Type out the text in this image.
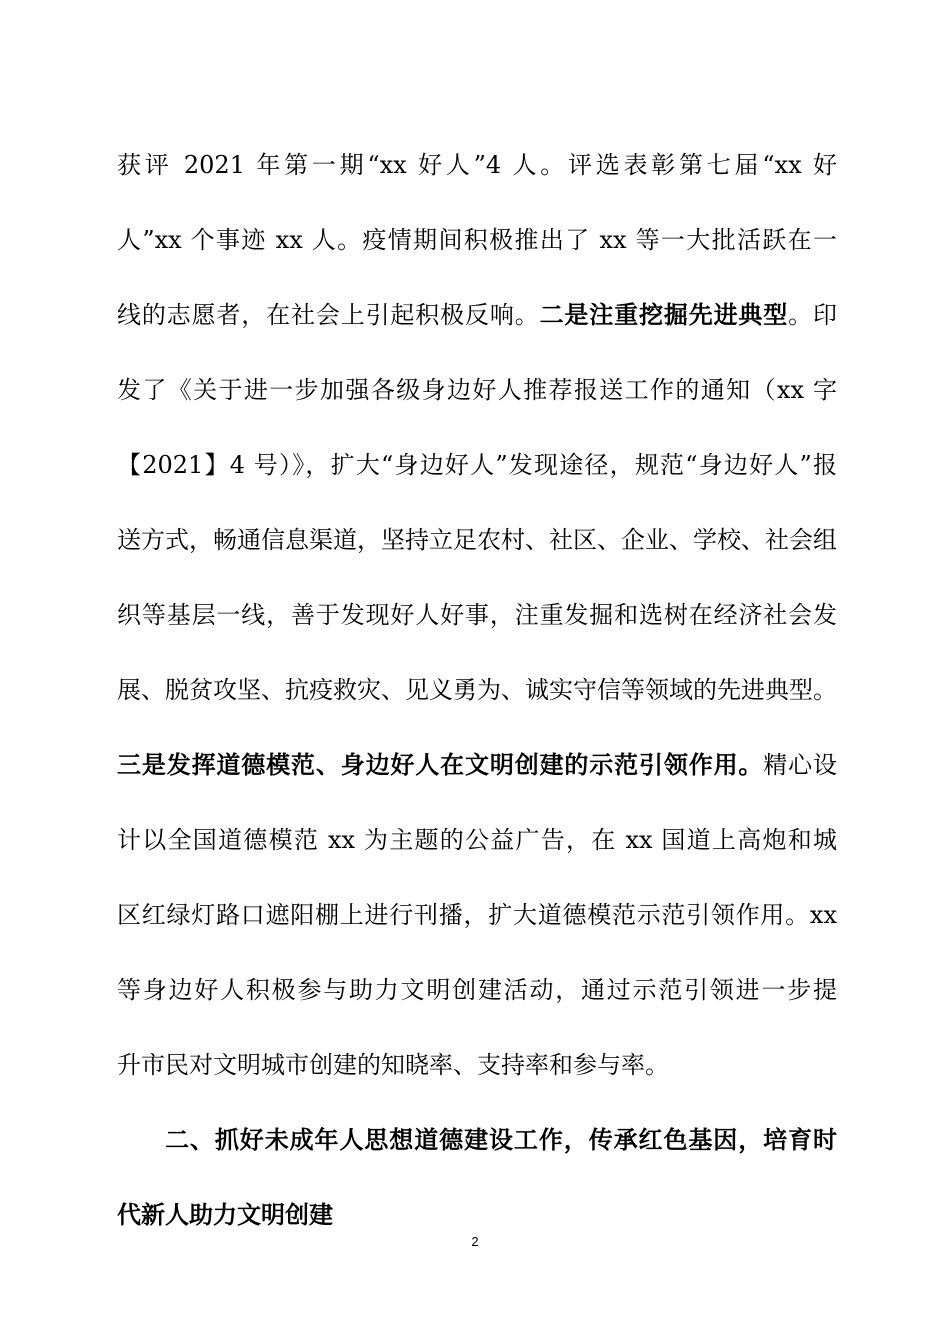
获评 2021 年第一期“xx 好人”4 人。评选表彰第七届“xx 好
人”xx 个事迹 xx 人。疫情期间积极推出了 xx 等一大批活跃在一
线的志愿者，在社会上引起积极反响。二是注重挖掘先进典型。印
发了《关于进一步加强各级身边好人推荐报送工作的通知（xx 字
【2021】4 号）》，扩大“身边好人”发现途径，规范“身边好人”报
送方式，畅通信息渠道，坚持立足农村、社区、企业、学校、社会组
织等基层一线，善于发现好人好事，注重发掘和选树在经济社会发
展、脱贫攻坚、抗疫救灾、见义勇为、诚实守信等领域的先进典型。
三是发挥道德模范、身边好人在文明创建的示范引领作用。精心设
计以全国道德模范 xx 为主题的公益广告，在 xx 国道上高炮和城
区红绿灯路口遮阳棚上进行刊播，扩大道德模范示范引领作用。xx
等身边好人积极参与助力文明创建活动，通过示范引领进一步提
升市民对文明城市创建的知晓率、支持率和参与率。
二、抓好未成年人思想道德建设工作，传承红色基因，培育时
代新人助力文明创建
2
